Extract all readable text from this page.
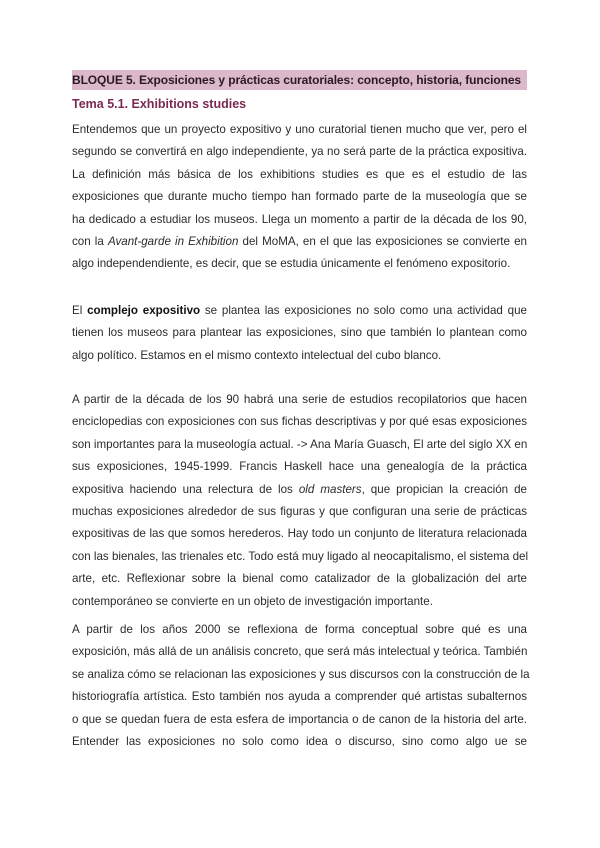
BLOQUE 5. Exposiciones y prácticas curatoriales: concepto, historia, funciones
Tema 5.1. Exhibitions studies
Entendemos que un proyecto expositivo y uno curatorial tienen mucho que ver, pero el
segundo se convertirá en algo independiente, ya no será parte de la práctica expositiva.
La definición más básica de los exhibitions studies es que es el estudio de las
exposiciones que durante mucho tiempo han formado parte de la museología que se
ha dedicado a estudiar los museos. Llega un momento a partir de la década de los 90,
con la Avant-garde in Exhibition del MoMA, en el que las exposiciones se convierte en
algo independendiente, es decir, que se estudia únicamente el fenómeno expositorio.
El complejo expositivo se plantea las exposiciones no solo como una actividad que
tienen los museos para plantear las exposiciones, sino que también lo plantean como
algo político. Estamos en el mismo contexto intelectual del cubo blanco.
A partir de la década de los 90 habrá una serie de estudios recopilatorios que hacen
enciclopedias con exposiciones con sus fichas descriptivas y por qué esas exposiciones
son importantes para la museología actual. -> Ana María Guasch, El arte del siglo XX en
sus exposiciones, 1945-1999. Francis Haskell hace una genealogía de la práctica
expositiva haciendo una relectura de los old masters, que propician la creación de
muchas exposiciones alrededor de sus figuras y que configuran una serie de prácticas
expositivas de las que somos herederos. Hay todo un conjunto de literatura relacionada
con las bienales, las trienales etc. Todo está muy ligado al neocapitalismo, el sistema del
arte, etc. Reflexionar sobre la bienal como catalizador de la globalización del arte
contemporáneo se convierte en un objeto de investigación importante.
A partir de los años 2000 se reflexiona de forma conceptual sobre qué es una
exposición, más allá de un análisis concreto, que será más intelectual y teórica. También
se analiza cómo se relacionan las exposiciones y sus discursos con la construcción de la
historiografía artística. Esto también nos ayuda a comprender qué artistas subalternos
o que se quedan fuera de esta esfera de importancia o de canon de la historia del arte.
Entender las exposiciones no solo como idea o discurso, sino como algo ue se
